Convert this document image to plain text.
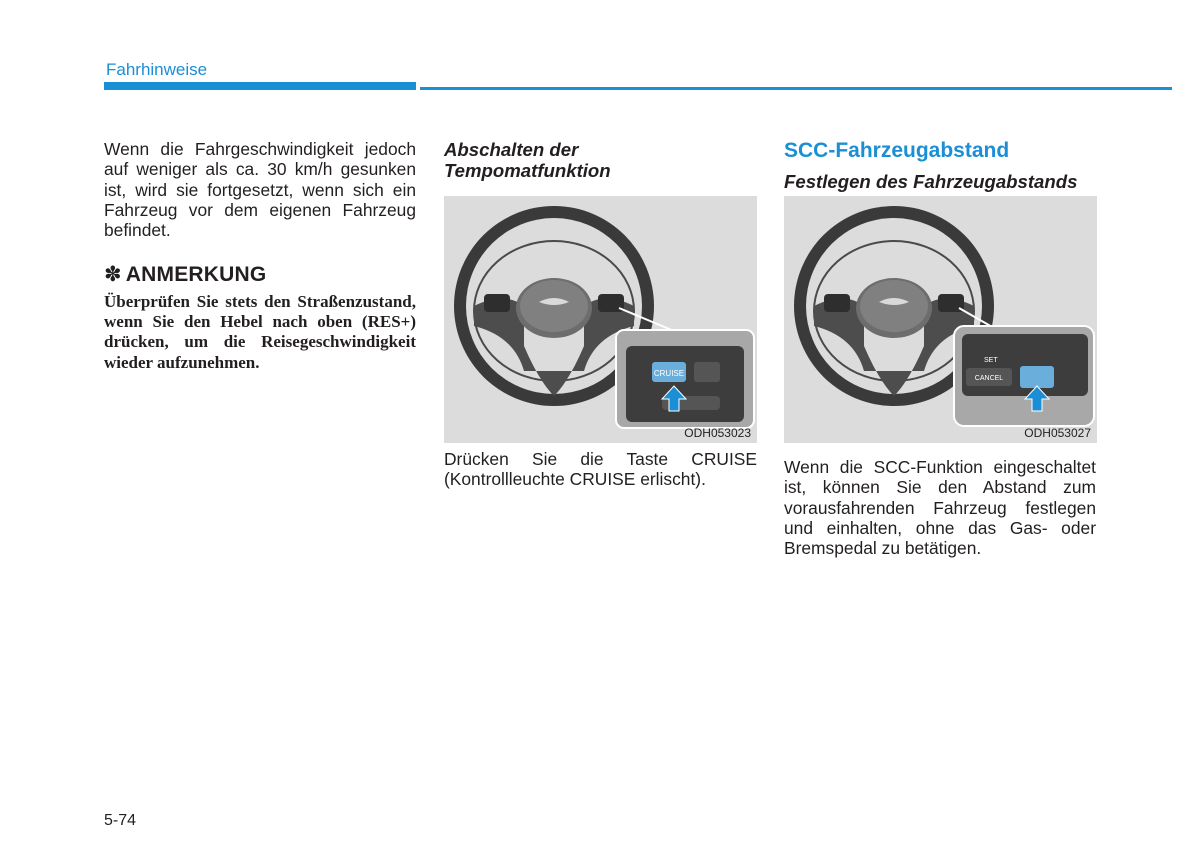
Fahrhinweise
Wenn die Fahrgeschwindigkeit jedoch auf weniger als ca. 30 km/h gesunken ist, wird sie fortgesetzt, wenn sich ein Fahrzeug vor dem eigenen Fahrzeug befindet.
✽ ANMERKUNG
Überprüfen Sie stets den Straßenzustand, wenn Sie den Hebel nach oben (RES+) drücken, um die Reisegeschwindigkeit wieder aufzunehmen.
Abschalten der
Tempomatfunktion
CRUISE
ODH053023
Drücken Sie die Taste CRUISE (Kontrollleuchte CRUISE erlischt).
SCC-Fahrzeugabstand
Festlegen des Fahrzeugabstands
SET
CANCEL
ODH053027
Wenn die SCC-Funktion eingeschaltet ist, können Sie den Abstand zum vorausfahrenden Fahrzeug festlegen und einhalten, ohne das Gas- oder Bremspedal zu betätigen.
5-74
